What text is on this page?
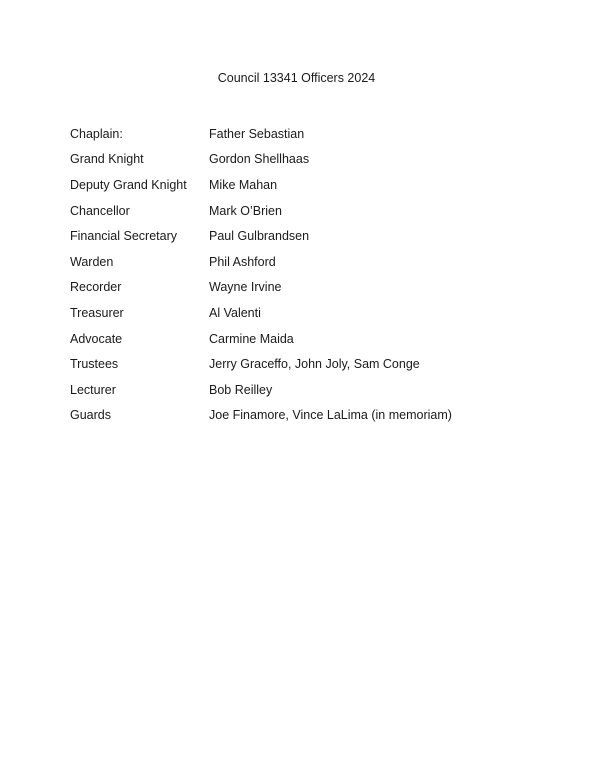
Council 13341 Officers 2024
Chaplain:	Father Sebastian
Grand Knight	Gordon Shellhaas
Deputy Grand Knight	Mike Mahan
Chancellor	Mark O’Brien
Financial Secretary	Paul Gulbrandsen
Warden	Phil Ashford
Recorder	Wayne Irvine
Treasurer	Al Valenti
Advocate	Carmine Maida
Trustees	Jerry Graceffo, John Joly, Sam Conge
Lecturer	Bob Reilley
Guards	Joe Finamore, Vince LaLima (in memoriam)
